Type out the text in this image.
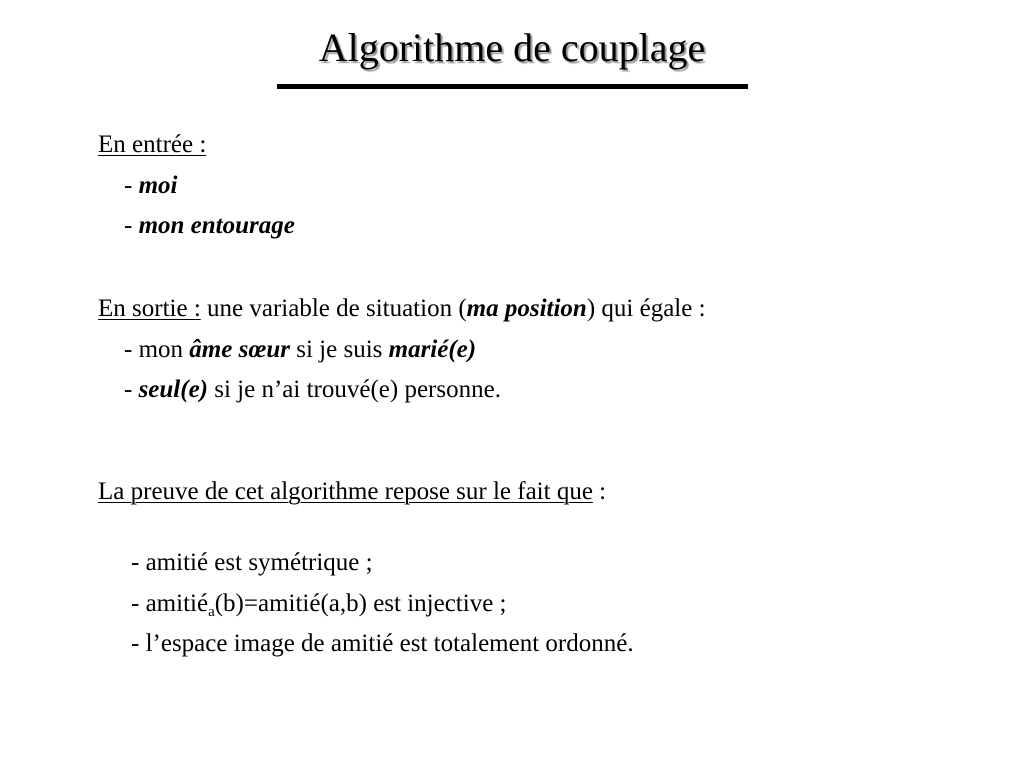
Algorithme de couplage
En entrée :
- moi
- mon entourage
En sortie : une variable de situation (ma position) qui égale :
- mon âme sœur si je suis marié(e)
- seul(e) si je n’ai trouvé(e) personne.
La preuve de cet algorithme repose sur le fait que :
- amitié est symétrique ;
- amitié$_a$(b)=amitié(a,b) est injective ;
- l’espace image de amitié est totalement ordonné.
